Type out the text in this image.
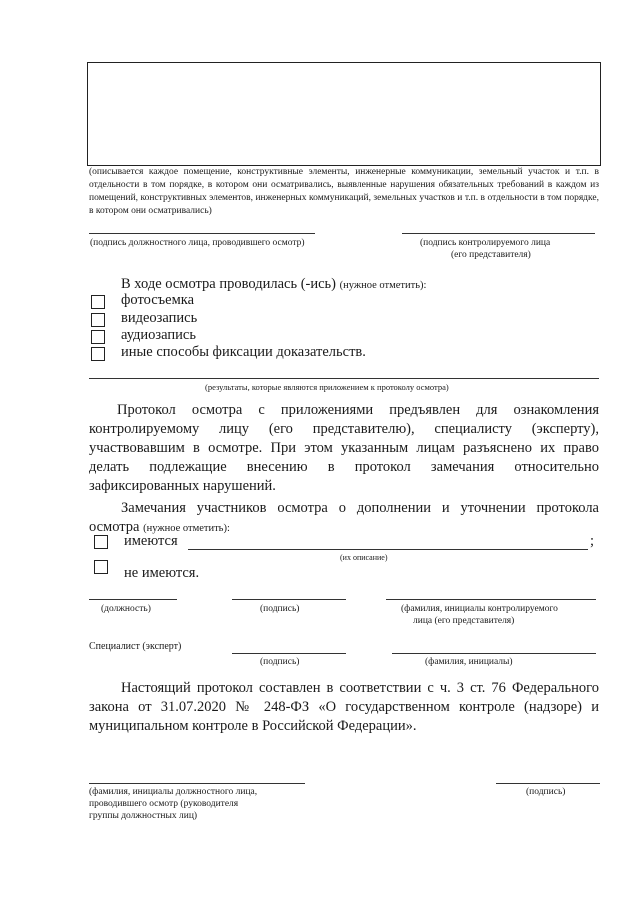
(описывается каждое помещение, конструктивные элементы, инженерные коммуникации, земельный участок и т.п. в отдельности в том порядке, в котором они осматривались, выявленные нарушения обязательных требований в каждом из помещений, конструктивных элементов, инженерных коммуникаций, земельных участков и т.п. в отдельности в том порядке, в котором они осматривались)
(подпись должностного лица, проводившего осмотр)	(подпись контролируемого лица
(его представителя)
В ходе осмотра проводилась (-ись) (нужное отметить):
фотосъемка
видеозапись
аудиозапись
иные способы фиксации доказательств.
(результаты, которые являются приложением к протоколу осмотра)
Протокол осмотра с приложениями предъявлен для ознакомления контролируемому лицу (его представителю), специалисту (эксперту), участвовавшим в осмотре. При этом указанным лицам разъяснено их право делать подлежащие внесению в протокол замечания относительно зафиксированных нарушений.
Замечания участников осмотра о дополнении и уточнении протокола осмотра (нужное отметить):
имеются	;
(их описание)
не имеются.
(должность)	(подпись)	(фамилия, инициалы контролируемого
лица (его представителя)
Специалист (эксперт)
(подпись)	(фамилия, инициалы)
Настоящий протокол составлен в соответствии с ч. 3 ст. 76 Федерального закона от 31.07.2020 № 248-ФЗ «О государственном контроле (надзоре) и муниципальном контроле в Российской Федерации».
(фамилия, инициалы должностного лица,
проводившего осмотр (руководителя
группы должностных лиц)
(подпись)
